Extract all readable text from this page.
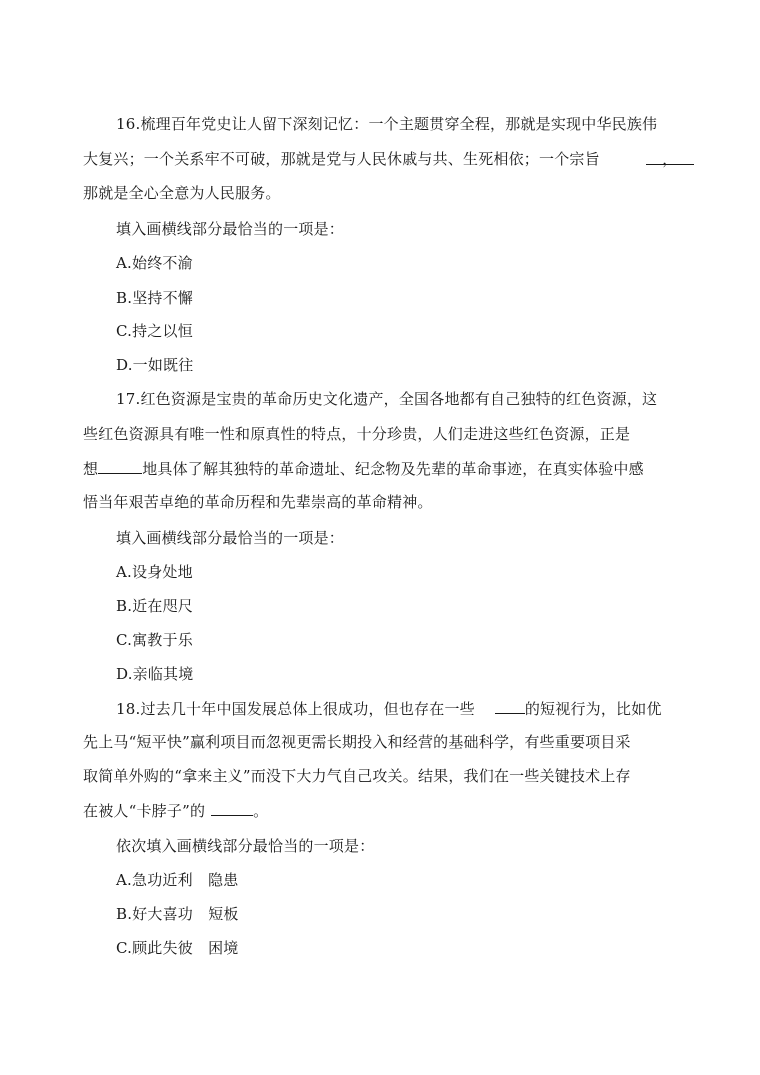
16.梳理百年党史让人留下深刻记忆：一个主题贯穿全程，那就是实现中华民族伟
大复兴；一个关系牢不可破，那就是党与人民休戚与共、生死相依；一个宗旨	，
那就是全心全意为人民服务。
填入画横线部分最恰当的一项是：
A.始终不渝
B.坚持不懈
C.持之以恒
D.一如既往
17.红色资源是宝贵的革命历史文化遗产，全国各地都有自己独特的红色资源，这
些红色资源具有唯一性和原真性的特点，十分珍贵，人们走进这些红色资源，正是
想	地具体了解其独特的革命遗址、纪念物及先辈的革命事迹，在真实体验中感
悟当年艰苦卓绝的革命历程和先辈崇高的革命精神。
填入画横线部分最恰当的一项是：
A.设身处地
B.近在咫尺
C.寓教于乐
D.亲临其境
18.过去几十年中国发展总体上很成功，但也存在一些	的短视行为，比如优
先上马“短平快”赢利项目而忽视更需长期投入和经营的基础科学，有些重要项目采
取简单外购的“拿来主义”而没下大力气自己攻关。结果，我们在一些关键技术上存
在被人“卡脖子”的	。
依次填入画横线部分最恰当的一项是：
A.急功近利　隐患
B.好大喜功　短板
C.顾此失彼　困境
